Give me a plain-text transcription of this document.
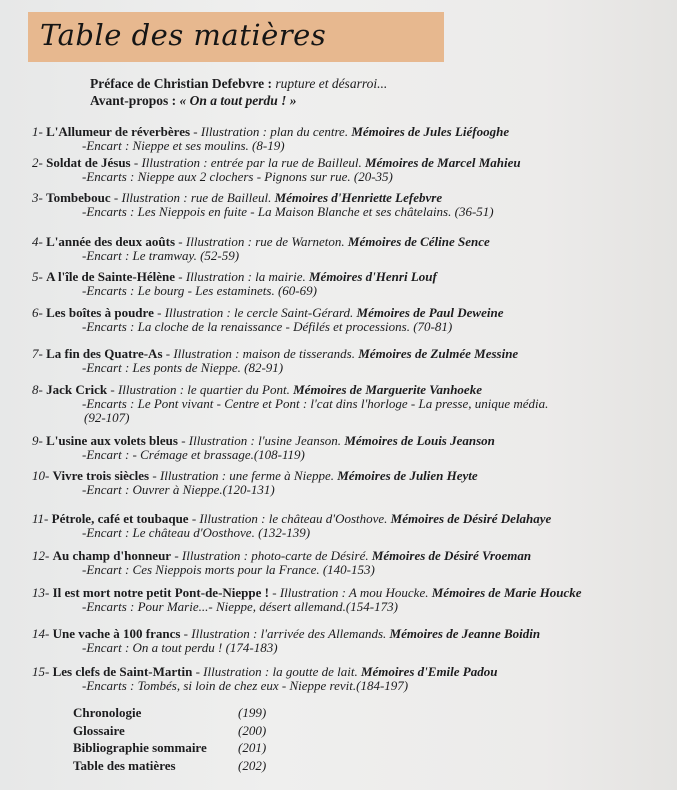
Table des matières
Préface de Christian Defebvre : rupture et désarroi...
Avant-propos : « On a tout perdu ! »
1- L'Allumeur de réverbères - Illustration : plan du centre. Mémoires de Jules Liéfooghe
-Encart : Nieppe et ses moulins. (8-19)
2- Soldat de Jésus - Illustration : entrée par la rue de Bailleul. Mémoires de Marcel Mahieu
-Encarts : Nieppe aux 2 clochers - Pignons sur rue. (20-35)
3- Tombebouc - Illustration : rue de Bailleul. Mémoires d'Henriette Lefebvre
-Encarts : Les Nieppois en fuite - La Maison Blanche et ses châtelains. (36-51)
4- L'année des deux aoûts - Illustration : rue de Warneton. Mémoires de Céline Sence
-Encart : Le tramway. (52-59)
5- A l'île de Sainte-Hélène - Illustration : la mairie. Mémoires d'Henri Louf
-Encarts : Le bourg - Les estaminets. (60-69)
6- Les boîtes à poudre - Illustration : le cercle Saint-Gérard. Mémoires de Paul Deweine
-Encarts : La cloche de la renaissance - Défilés et processions. (70-81)
7- La fin des Quatre-As - Illustration : maison de tisserands. Mémoires de Zulmée Messine
-Encart : Les ponts de Nieppe. (82-91)
8- Jack Crick - Illustration : le quartier du Pont. Mémoires de Marguerite Vanhoeke
-Encarts : Le Pont vivant - Centre et Pont : l'cat dins l'horloge - La presse, unique média.
(92-107)
9- L'usine aux volets bleus - Illustration : l'usine Jeanson. Mémoires de Louis Jeanson
-Encart : - Crémage et brassage.(108-119)
10- Vivre trois siècles - Illustration : une ferme à Nieppe. Mémoires de Julien Heyte
-Encart : Ouvrer à Nieppe.(120-131)
11- Pétrole, café et toubaque - Illustration : le château d'Oosthove. Mémoires de Désiré Delahaye
-Encart : Le château d'Oosthove. (132-139)
12- Au champ d'honneur - Illustration : photo-carte de Désiré. Mémoires de Désiré Vroeman
-Encart : Ces Nieppois morts pour la France. (140-153)
13- Il est mort notre petit Pont-de-Nieppe ! - Illustration : A mou Houcke. Mémoires de Marie Houcke
-Encarts : Pour Marie...- Nieppe, désert allemand.(154-173)
14- Une vache à 100 francs - Illustration : l'arrivée des Allemands. Mémoires de Jeanne Boidin
-Encart : On a tout perdu ! (174-183)
15- Les clefs de Saint-Martin - Illustration : la goutte de lait. Mémoires d'Emile Padou
-Encarts : Tombés, si loin de chez eux - Nieppe revit.(184-197)
Chronologie	(199)
Glossaire	(200)
Bibliographie sommaire	(201)
Table des matières	(202)
